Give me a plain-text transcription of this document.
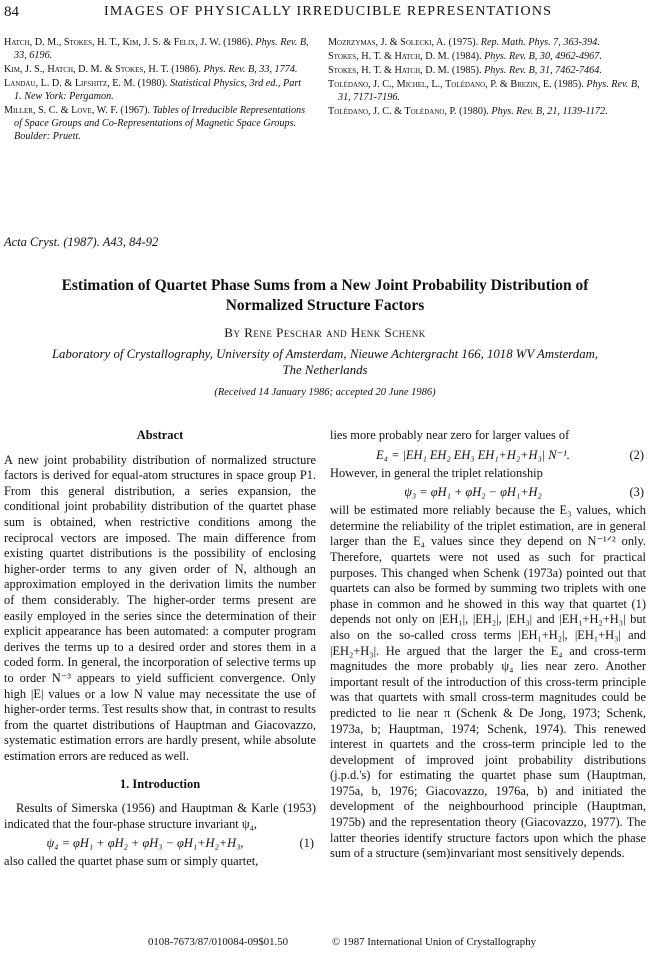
84	IMAGES OF PHYSICALLY IRREDUCIBLE REPRESENTATIONS
Hatch, D. M., Stokes, H. T., Kim, J. S. & Felix, J. W. (1986). Phys. Rev. B, 33, 6196.
Kim, J. S., Hatch, D. M. & Stokes, H. T. (1986). Phys. Rev. B, 33, 1774.
Landau, L. D. & Lifshitz, E. M. (1980). Statistical Physics, 3rd ed., Part 1. New York: Pergamon.
Miller, S. C. & Love, W. F. (1967). Tables of Irreducible Representations of Space Groups and Co-Representations of Magnetic Space Groups. Boulder: Pruett.
Mozrzymas, J. & Solecki, A. (1975). Rep. Math. Phys. 7, 363-394.
Stokes, H. T. & Hatch, D. M. (1984). Phys. Rev. B, 30, 4962-4967.
Stokes, H. T. & Hatch, D. M. (1985). Phys. Rev. B, 31, 7462-7464.
Tolédano, J. C., Michel, L., Tolédano, P. & Brezin, E. (1985). Phys. Rev. B, 31, 7171-7196.
Tolédano, J. C. & Tolédano, P. (1980). Phys. Rev. B, 21, 1139-1172.
Acta Cryst. (1987). A43, 84-92
Estimation of Quartet Phase Sums from a New Joint Probability Distribution of
Normalized Structure Factors
By Rene Peschar and Henk Schenk
Laboratory of Crystallography, University of Amsterdam, Nieuwe Achtergracht 166, 1018 WV Amsterdam,
The Netherlands
(Received 14 January 1986; accepted 20 June 1986)
Abstract

A new joint probability distribution of normalized structure factors is derived for equal-atom structures in space group P1. From this general distribution, a series expansion, the conditional joint probability distribution of the quartet phase sum is obtained, when restrictive conditions among the reciprocal vectors are imposed. The main difference from existing quartet distributions is the possibility of enclosing higher-order terms to any given order of N, although an approximation employed in the derivation limits the number of them considerably. The higher-order terms present are easily employed in the series since the determination of their explicit appearance has been automated: a computer program derives the terms up to a desired order and stores them in a coded form. In general, the incorporation of selective terms up to order N⁻³ appears to yield sufficient convergence. Only high |E| values or a low N value may necessitate the use of higher-order terms. Test results show that, in contrast to results from the quartet distributions of Hauptman and Giacovazzo, systematic estimation errors are hardly present, while absolute estimation errors are reduced as well.

1. Introduction

Results of Simerska (1956) and Hauptman & Karle (1953) indicated that the four-phase structure invariant ψ₄,

ψ₄ = φH₁ + φH₂ + φH₃ − φH₁+H₂+H₃,	(1)

also called the quartet phase sum or simply quartet,

lies more probably near zero for larger values of

E₄ = |EH₁ EH₂ EH₃ EH₁+H₂+H₃| N⁻¹.	(2)

However, in general the triplet relationship

ψ₃ = φH₁ + φH₂ − φH₁+H₂	(3)

will be estimated more reliably because the E₃ values, which determine the reliability of the triplet estimation, are in general larger than the E₄ values since they depend on N⁻¹ᐟ² only. Therefore, quartets were not used as such for practical purposes. This changed when Schenk (1973a) pointed out that quartets can also be formed by summing two triplets with one phase in common and he showed in this way that quartet (1) depends not only on |EH₁|, |EH₂|, |EH₃| and |EH₁+H₂+H₃| but also on the so-called cross terms |EH₁+H₂|, |EH₁+H₃| and |EH₂+H₃|. He argued that the larger the E₄ and cross-term magnitudes the more probably ψ₄ lies near zero. Another important result of the introduction of this cross-term principle was that quartets with small cross-term magnitudes could be predicted to lie near π (Schenk & De Jong, 1973; Schenk, 1973a, b; Hauptman, 1974; Schenk, 1974). This renewed interest in quartets and the cross-term principle led to the development of improved joint probability distributions (j.p.d.'s) for estimating the quartet phase sum (Hauptman, 1975a, b, 1976; Giacovazzo, 1976a, b) and initiated the development of the neighbourhood principle (Hauptman, 1975b) and the representation theory (Giacovazzo, 1977). The latter theories identify structure factors upon which the phase sum of a structure (sem)invariant most sensitively depends.

0108-7673/87/010084-09$01.50	© 1987 International Union of Crystallography
